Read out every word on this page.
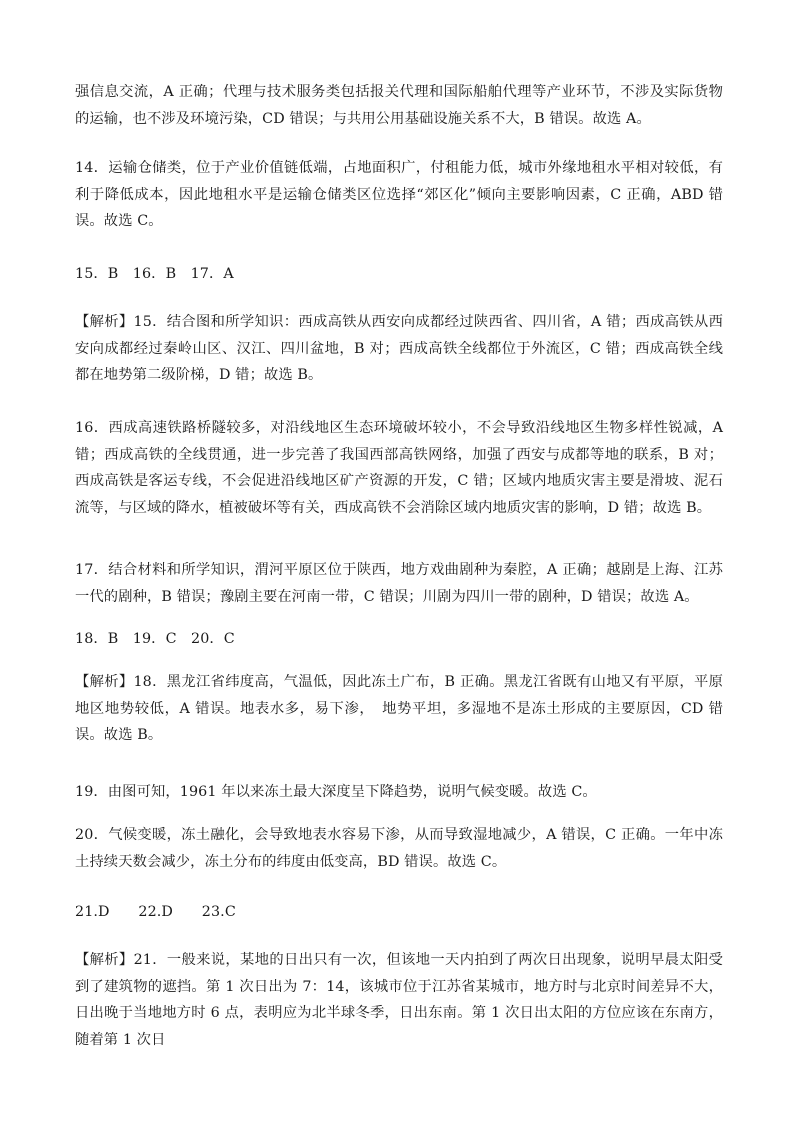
强信息交流，A 正确；代理与技术服务类包括报关代理和国际船舶代理等产业环节，不涉及实际货物的运输，也不涉及环境污染，CD 错误；与共用公用基础设施关系不大，B 错误。故选 A。

14．运输仓储类，位于产业价值链低端，占地面积广，付租能力低，城市外缘地租水平相对较低，有利于降低成本，因此地租水平是运输仓储类区位选择“郊区化”倾向主要影响因素，C 正确，ABD 错误。故选 C。

15．B　16．B　17．A

【解析】15．结合图和所学知识：西成高铁从西安向成都经过陕西省、四川省，A 错；西成高铁从西安向成都经过秦岭山区、汉江、四川盆地，B 对；西成高铁全线都位于外流区，C 错；西成高铁全线都在地势第二级阶梯，D 错；故选 B。

16．西成高速铁路桥隧较多，对沿线地区生态环境破坏较小，不会导致沿线地区生物多样性锐减，A 错；西成高铁的全线贯通，进一步完善了我国西部高铁网络，加强了西安与成都等地的联系，B 对；西成高铁是客运专线，不会促进沿线地区矿产资源的开发，C 错；区域内地质灾害主要是滑坡、泥石流等，与区域的降水，植被破坏等有关，西成高铁不会消除区域内地质灾害的影响，D 错；故选 B。

17．结合材料和所学知识，渭河平原区位于陕西，地方戏曲剧种为秦腔，A 正确；越剧是上海、江苏一代的剧种，B 错误；豫剧主要在河南一带，C 错误；川剧为四川一带的剧种，D 错误；故选 A。

18．B　19．C　20．C

【解析】18．黑龙江省纬度高，气温低，因此冻土广布，B 正确。黑龙江省既有山地又有平原，平原地区地势较低，A 错误。地表水多，易下渗，　地势平坦，多湿地不是冻土形成的主要原因，CD 错误。故选 B。

19．由图可知，1961 年以来冻土最大深度呈下降趋势，说明气候变暖。故选 C。

20．气候变暖，冻土融化，会导致地表水容易下渗，从而导致湿地减少，A 错误，C 正确。一年中冻土持续天数会减少，冻土分布的纬度由低变高，BD 错误。故选 C。

21.D　　22.D　　23.C

【解析】21．一般来说，某地的日出只有一次，但该地一天内拍到了两次日出现象，说明早晨太阳受到了建筑物的遮挡。第 1 次日出为 7：14，该城市位于江苏省某城市，地方时与北京时间差异不大，日出晚于当地地方时 6 点，表明应为北半球冬季，日出东南。第 1 次日出太阳的方位应该在东南方，随着第 1 次日
